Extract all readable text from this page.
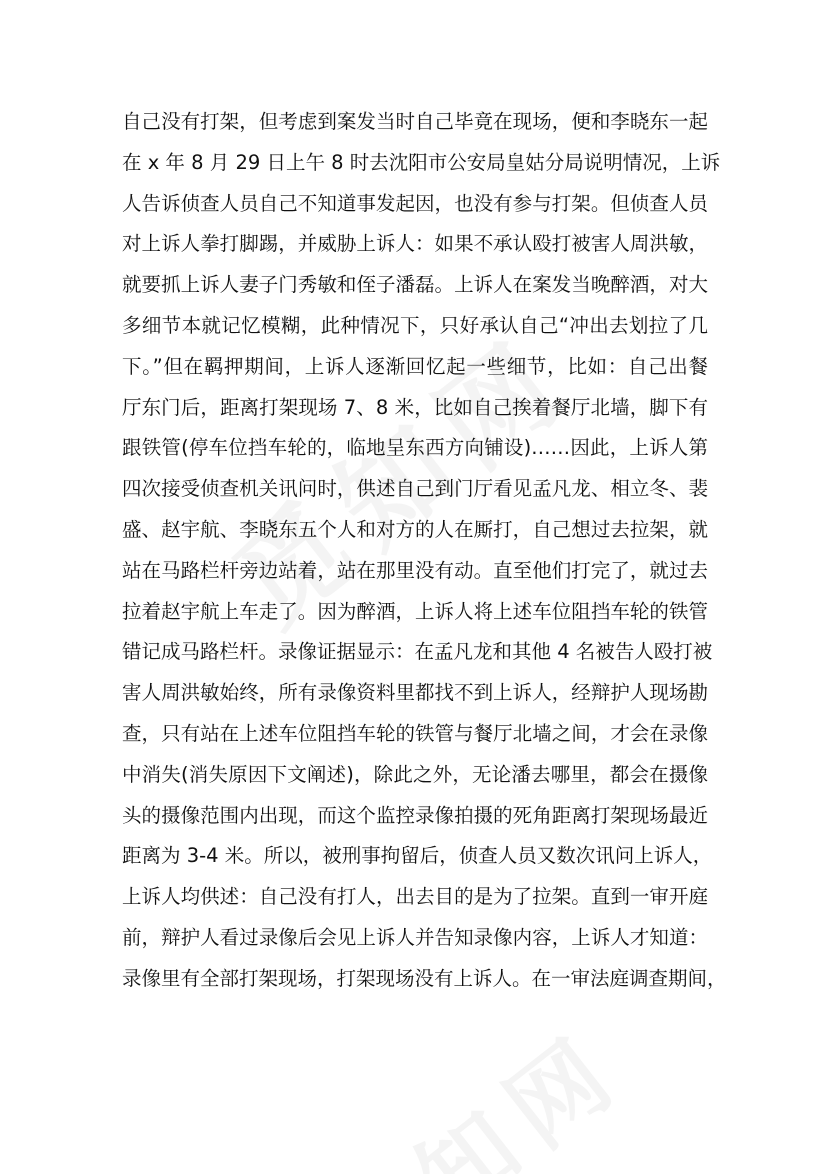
自己没有打架，但考虑到案发当时自己毕竟在现场，便和李晓东一起
在 x 年 8 月 29 日上午 8 时去沈阳市公安局皇姑分局说明情况，上诉
人告诉侦查人员自己不知道事发起因，也没有参与打架。但侦查人员
对上诉人拳打脚踢，并威胁上诉人：如果不承认殴打被害人周洪敏，
就要抓上诉人妻子门秀敏和侄子潘磊。上诉人在案发当晚醉酒，对大
多细节本就记忆模糊，此种情况下，只好承认自己“冲出去划拉了几
下。”但在羁押期间，上诉人逐渐回忆起一些细节，比如：自己出餐
厅东门后，距离打架现场 7、8 米，比如自己挨着餐厅北墙，脚下有
跟铁管(停车位挡车轮的，临地呈东西方向铺设)……因此，上诉人第
四次接受侦查机关讯问时，供述自己到门厅看见孟凡龙、相立冬、裴
盛、赵宇航、李晓东五个人和对方的人在厮打，自己想过去拉架，就
站在马路栏杆旁边站着，站在那里没有动。直至他们打完了，就过去
拉着赵宇航上车走了。因为醉酒，上诉人将上述车位阻挡车轮的铁管
错记成马路栏杆。录像证据显示：在孟凡龙和其他 4 名被告人殴打被
害人周洪敏始终，所有录像资料里都找不到上诉人，经辩护人现场勘
查，只有站在上述车位阻挡车轮的铁管与餐厅北墙之间，才会在录像
中消失(消失原因下文阐述)，除此之外，无论潘去哪里，都会在摄像
头的摄像范围内出现，而这个监控录像拍摄的死角距离打架现场最近
距离为 3-4 米。所以，被刑事拘留后，侦查人员又数次讯问上诉人，
上诉人均供述：自己没有打人，出去目的是为了拉架。直到一审开庭
前，辩护人看过录像后会见上诉人并告知录像内容，上诉人才知道：
录像里有全部打架现场，打架现场没有上诉人。在一审法庭调查期间，
